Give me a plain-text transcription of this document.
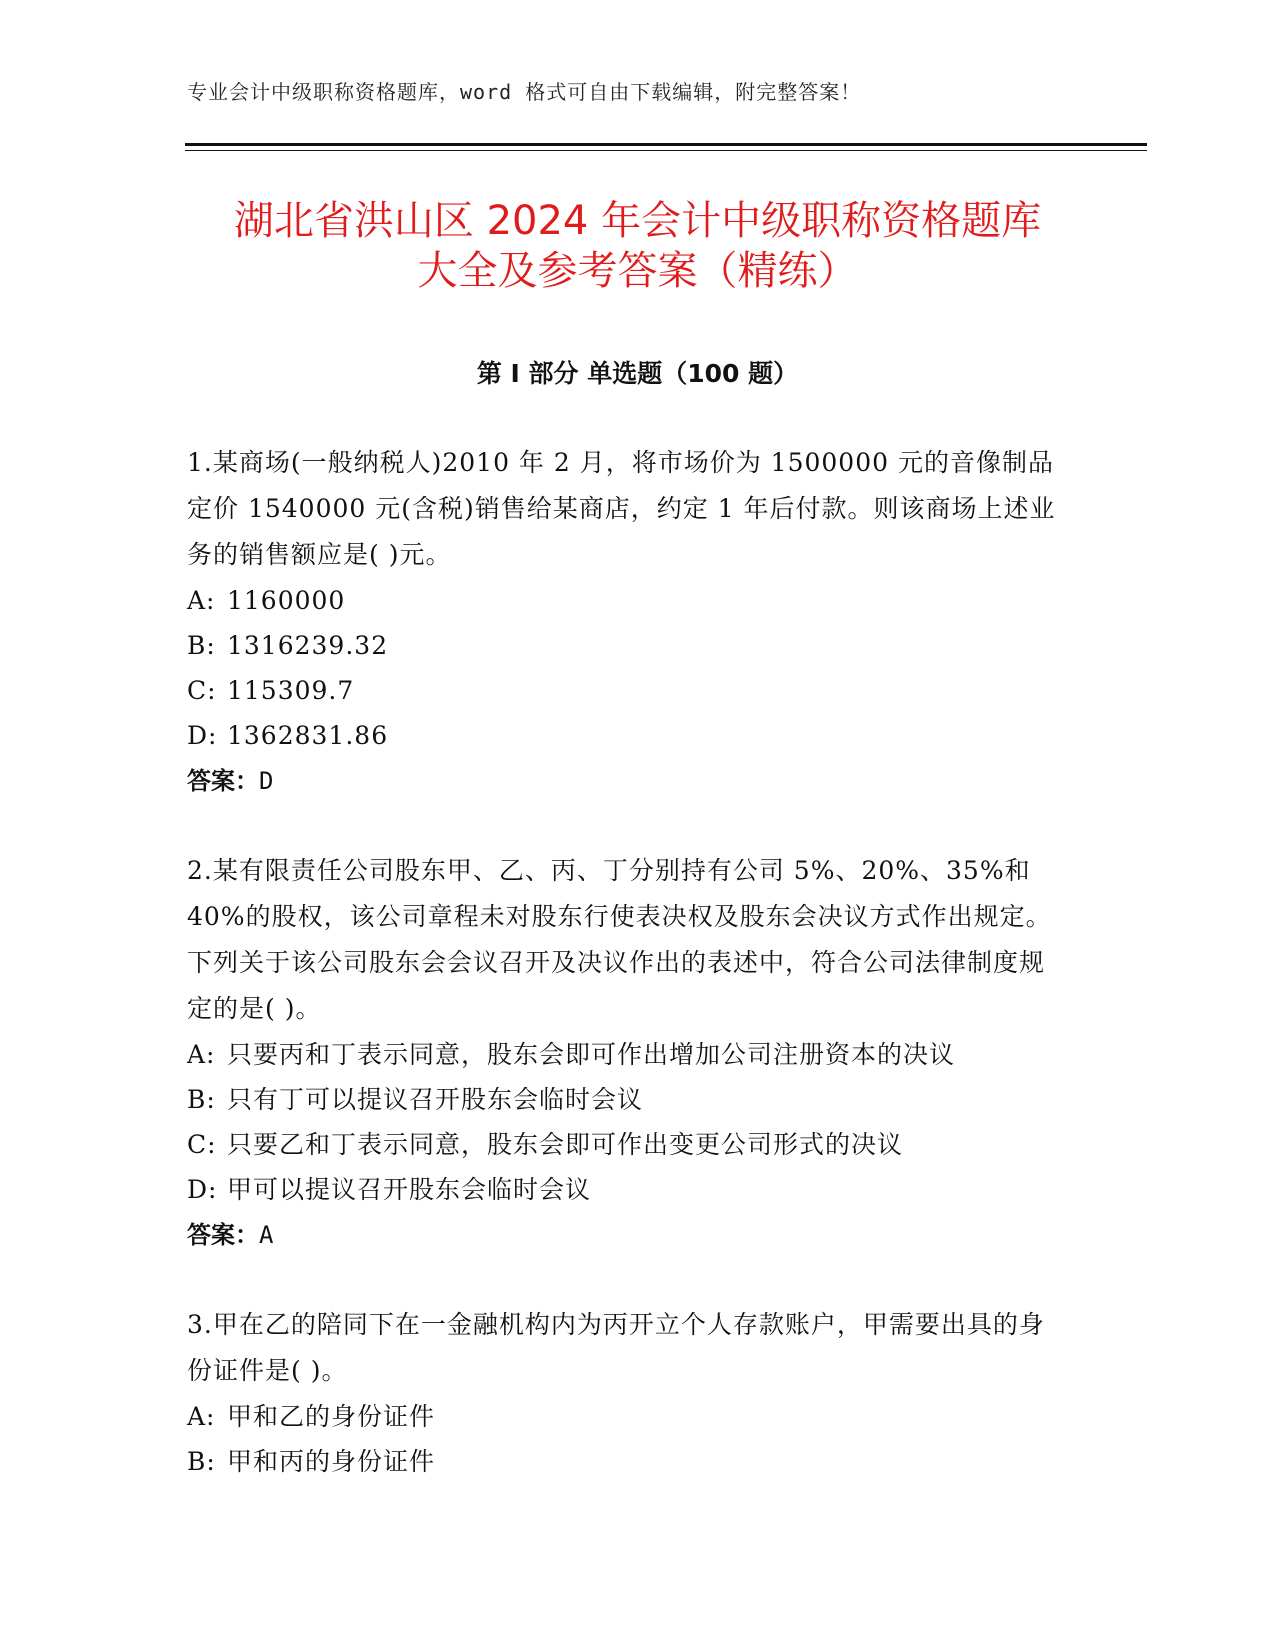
专业会计中级职称资格题库，word 格式可自由下载编辑，附完整答案！
湖北省洪山区 2024 年会计中级职称资格题库
大全及参考答案（精练）
第 I 部分 单选题（100 题）

1.某商场(一般纳税人)2010 年 2 月，将市场价为 1500000 元的音像制品定价 1540000 元(含税)销售给某商店，约定 1 年后付款。则该商场上述业务的销售额应是( )元。

A: 1160000
B: 1316239.32
C: 115309.7
D: 1362831.86
答案：D

2.某有限责任公司股东甲、乙、丙、丁分别持有公司 5%、20%、35%和 40%的股权，该公司章程未对股东行使表决权及股东会决议方式作出规定。下列关于该公司股东会会议召开及决议作出的表述中，符合公司法律制度规定的是( )。

A: 只要丙和丁表示同意，股东会即可作出增加公司注册资本的决议
B: 只有丁可以提议召开股东会临时会议
C: 只要乙和丁表示同意，股东会即可作出变更公司形式的决议
D: 甲可以提议召开股东会临时会议
答案：A

3.甲在乙的陪同下在一金融机构内为丙开立个人存款账户，甲需要出具的身份证件是( )。

A: 甲和乙的身份证件
B: 甲和丙的身份证件
